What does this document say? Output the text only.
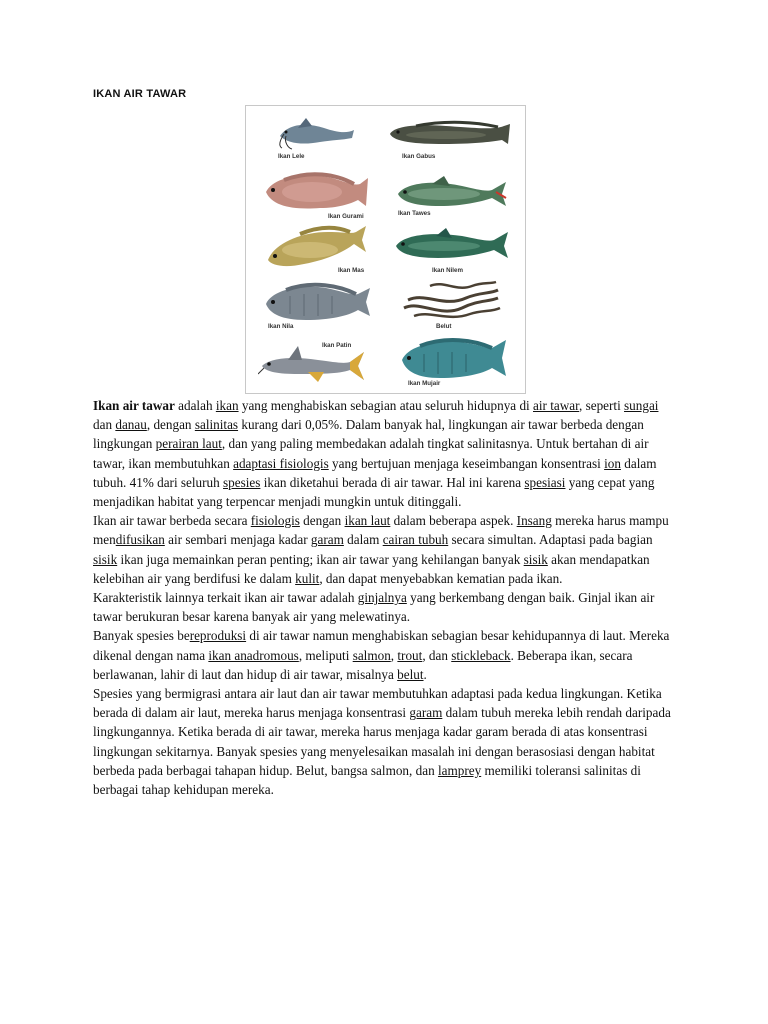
IKAN AIR TAWAR
Ikan Lele	Ikan Gabus
Ikan Gurami	Ikan Tawes
Ikan Mas	Ikan Nilem
Ikan Nila	Belut
Ikan Patin
Ikan Mujair

Ikan air tawar adalah ikan yang menghabiskan sebagian atau seluruh hidupnya di air tawar, seperti sungai dan danau, dengan salinitas kurang dari 0,05%. Dalam banyak hal, lingkungan air tawar berbeda dengan lingkungan perairan laut, dan yang paling membedakan adalah tingkat salinitasnya. Untuk bertahan di air tawar, ikan membutuhkan adaptasi fisiologis yang bertujuan menjaga keseimbangan konsentrasi ion dalam tubuh. 41% dari seluruh spesies ikan diketahui berada di air tawar. Hal ini karena spesiasi yang cepat yang menjadikan habitat yang terpencar menjadi mungkin untuk ditinggali.

Ikan air tawar berbeda secara fisiologis dengan ikan laut dalam beberapa aspek. Insang mereka harus mampu mendifusikan air sembari menjaga kadar garam dalam cairan tubuh secara simultan. Adaptasi pada bagian sisik ikan juga memainkan peran penting; ikan air tawar yang kehilangan banyak sisik akan mendapatkan kelebihan air yang berdifusi ke dalam kulit, dan dapat menyebabkan kematian pada ikan.

Karakteristik lainnya terkait ikan air tawar adalah ginjalnya yang berkembang dengan baik. Ginjal ikan air tawar berukuran besar karena banyak air yang melewatinya.

Banyak spesies bereproduksi di air tawar namun menghabiskan sebagian besar kehidupannya di laut. Mereka dikenal dengan nama ikan anadromous, meliputi salmon, trout, dan stickleback. Beberapa ikan, secara berlawanan, lahir di laut dan hidup di air tawar, misalnya belut.

Spesies yang bermigrasi antara air laut dan air tawar membutuhkan adaptasi pada kedua lingkungan. Ketika berada di dalam air laut, mereka harus menjaga konsentrasi garam dalam tubuh mereka lebih rendah daripada lingkungannya. Ketika berada di air tawar, mereka harus menjaga kadar garam berada di atas konsentrasi lingkungan sekitarnya. Banyak spesies yang menyelesaikan masalah ini dengan berasosiasi dengan habitat berbeda pada berbagai tahapan hidup. Belut, bangsa salmon, dan lamprey memiliki toleransi salinitas di berbagai tahap kehidupan mereka.
